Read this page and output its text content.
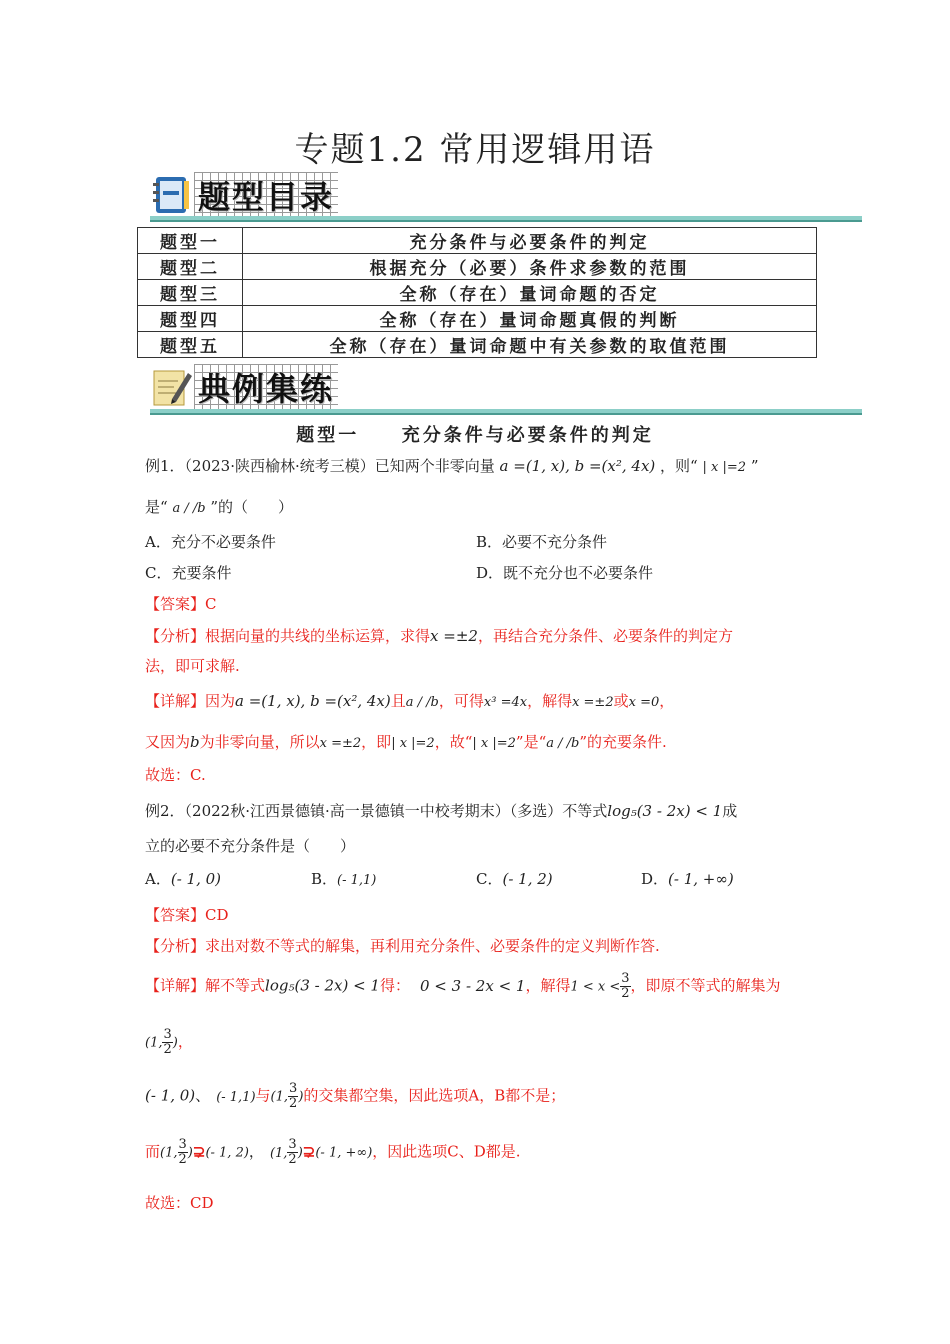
专题1.2 常用逻辑用语
题型目录
题型一	充分条件与必要条件的判定
题型二	根据充分（必要）条件求参数的范围
题型三	全称（存在）量词命题的否定
题型四	全称（存在）量词命题真假的判断
题型五	全称（存在）量词命题中有关参数的取值范围
典例集练
题型一 充分条件与必要条件的判定
例1．（2023·陕西榆林·统考三模）已知两个非零向量 a =(1, x), b =(x², 4x) ，则“ | x |=2 ”
是“ a / /b ”的（　　）
A．充分不必要条件	B．必要不充分条件
C．充要条件	D．既不充分也不必要条件
【答案】C
【分析】根据向量的共线的坐标运算，求得x =±2，再结合充分条件、必要条件的判定方
法，即可求解.
【详解】因为a =(1, x), b =(x², 4x)且a / /b，可得x³ =4x，解得x =±2或x =0，
又因为b为非零向量，所以x =±2，即| x |=2，故“| x |=2”是“a / /b”的充要条件.
故选：C.
例2．（2022秋·江西景德镇·高一景德镇一中校考期末）（多选）不等式log₅(3 - 2x) < 1成
立的必要不充分条件是（　　）
A．(- 1, 0)	B．(- 1,1)	C．(- 1, 2)	D．(- 1, +∞)
【答案】CD
【分析】求出对数不等式的解集，再利用充分条件、必要条件的定义判断作答.
【详解】解不等式log₅(3 - 2x) < 1得： 0 < 3 - 2x < 1，解得$1 < x < \frac{3}{2}$ ，即原不等式的解集为
(1, $\frac{3}{2}$ )，
(- 1, 0)、 (- 1,1)与(1, $\frac{3}{2}$ )的交集都空集，因此选项A，B都不是；
而(1, $\frac{3}{2}$ )⊋(- 1, 2)， (1, $\frac{3}{2}$ )⊋(- 1, +∞)，因此选项C、D都是.
故选：CD
